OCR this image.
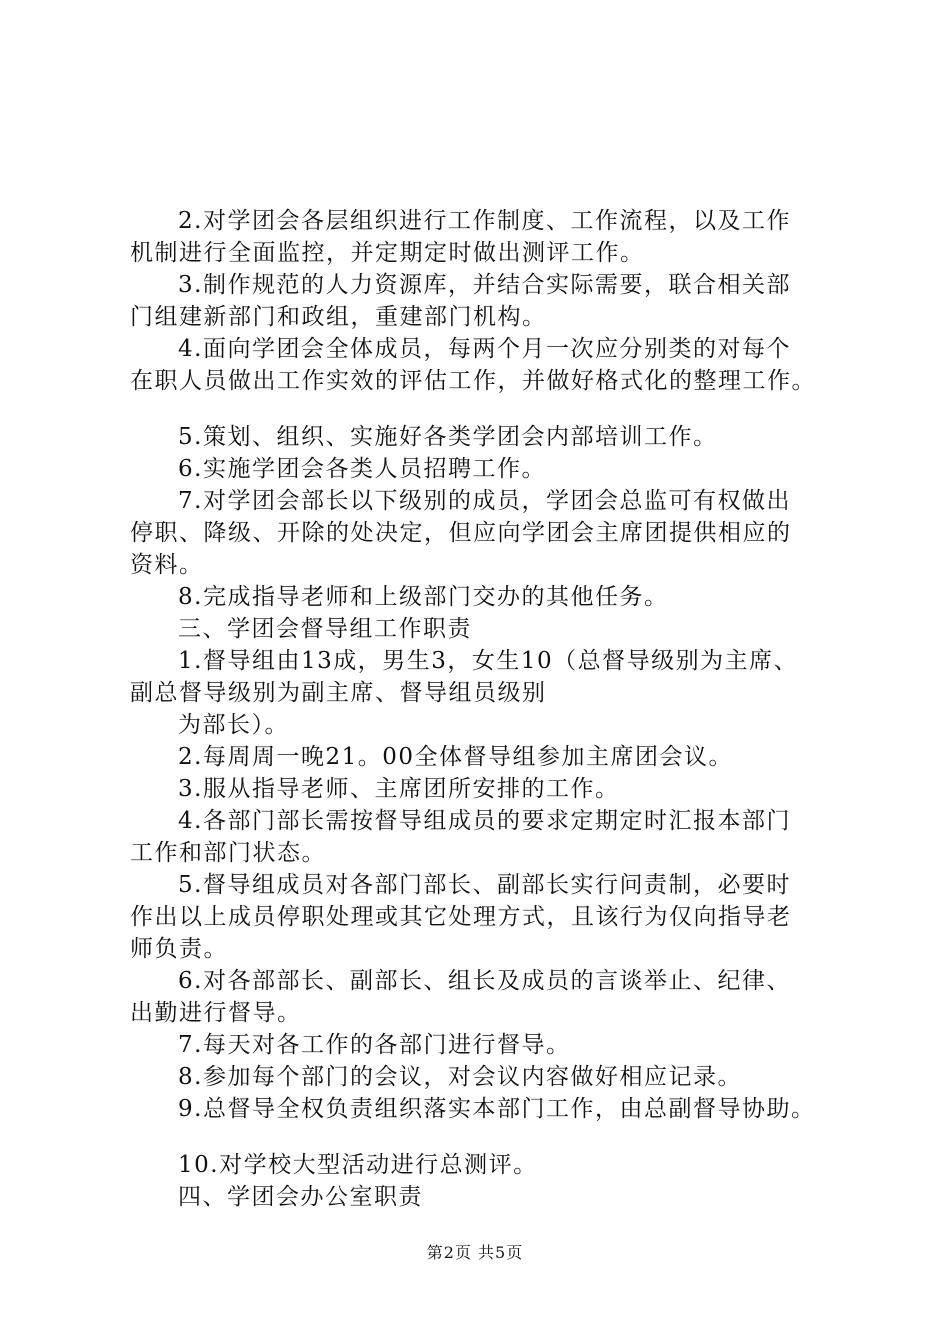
2.对学团会各层组织进行工作制度、工作流程，以及工作
机制进行全面监控，并定期定时做出测评工作。
3.制作规范的人力资源库，并结合实际需要，联合相关部
门组建新部门和政组，重建部门机构。
4.面向学团会全体成员，每两个月一次应分别类的对每个
在职人员做出工作实效的评估工作，并做好格式化的整理工作。
5.策划、组织、实施好各类学团会内部培训工作。
6.实施学团会各类人员招聘工作。
7.对学团会部长以下级别的成员，学团会总监可有权做出
停职、降级、开除的处决定，但应向学团会主席团提供相应的
资料。
8.完成指导老师和上级部门交办的其他任务。
三、学团会督导组工作职责
1.督导组由13成，男生3，女生10（总督导级别为主席、
副总督导级别为副主席、督导组员级别
为部长）。
2.每周周一晚21。00全体督导组参加主席团会议。
3.服从指导老师、主席团所安排的工作。
4.各部门部长需按督导组成员的要求定期定时汇报本部门
工作和部门状态。
5.督导组成员对各部门部长、副部长实行问责制，必要时
作出以上成员停职处理或其它处理方式，且该行为仅向指导老
师负责。
6.对各部部长、副部长、组长及成员的言谈举止、纪律、
出勤进行督导。
7.每天对各工作的各部门进行督导。
8.参加每个部门的会议，对会议内容做好相应记录。
9.总督导全权负责组织落实本部门工作，由总副督导协助。
10.对学校大型活动进行总测评。
四、学团会办公室职责
第2页 共5页
